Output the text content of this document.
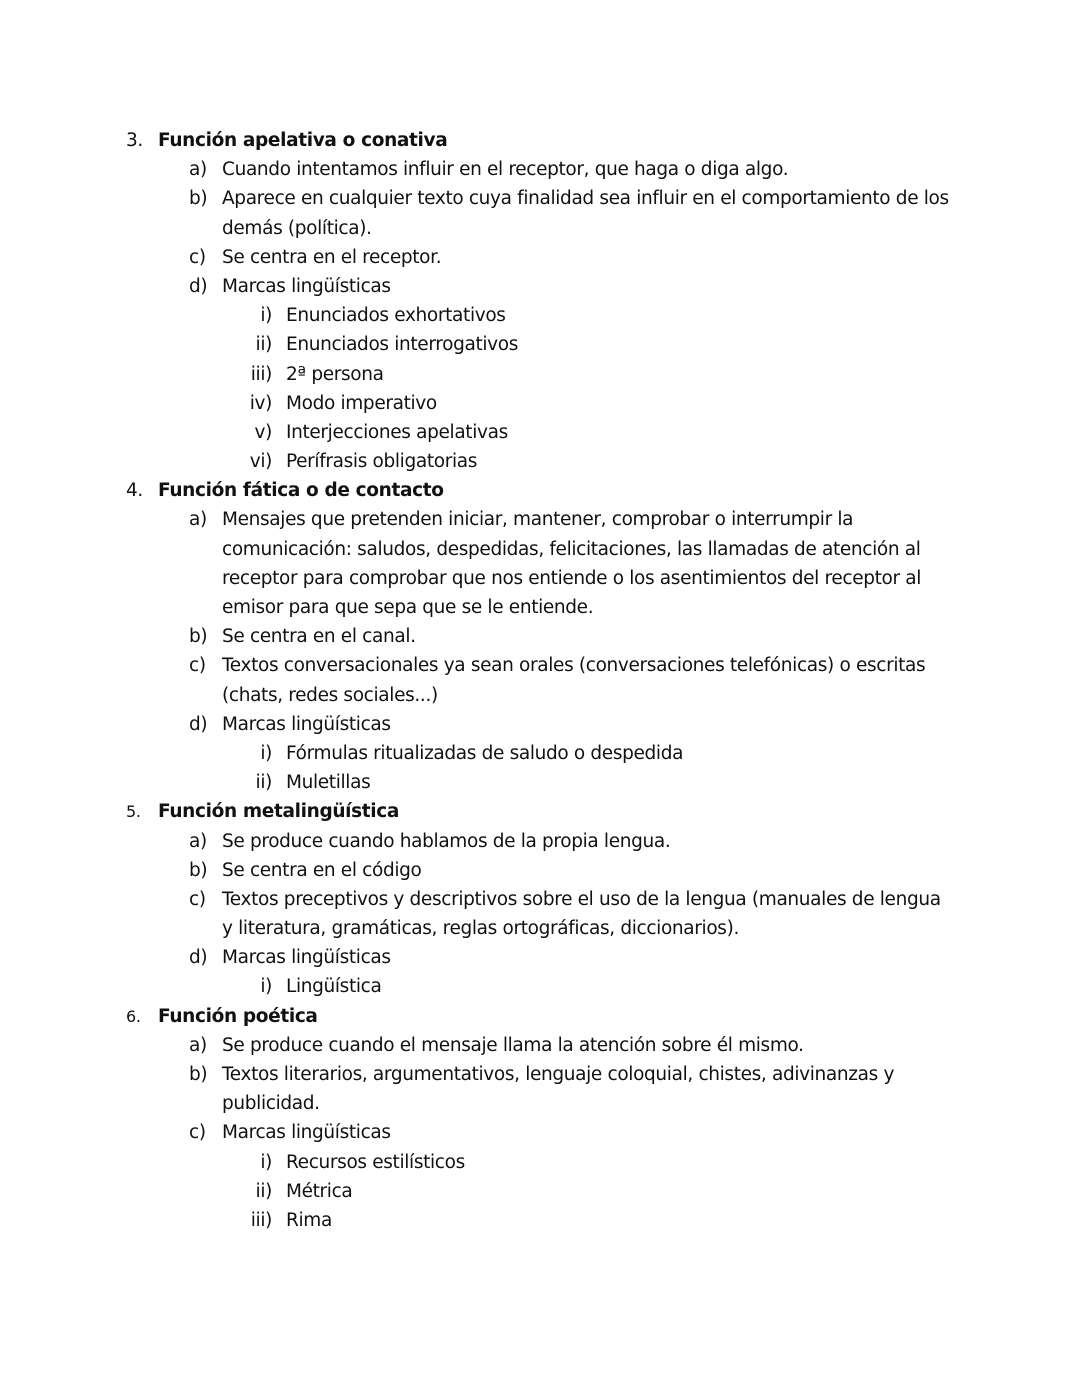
3. Función apelativa o conativa
a) Cuando intentamos influir en el receptor, que haga o diga algo.
b) Aparece en cualquier texto cuya finalidad sea influir en el comportamiento de los
demás (política).
c) Se centra en el receptor.
d) Marcas lingüísticas
i) Enunciados exhortativos
ii) Enunciados interrogativos
iii) 2ª persona
iv) Modo imperativo
v) Interjecciones apelativas
vi) Perífrasis obligatorias
4. Función fática o de contacto
a) Mensajes que pretenden iniciar, mantener, comprobar o interrumpir la
comunicación: saludos, despedidas, felicitaciones, las llamadas de atención al
receptor para comprobar que nos entiende o los asentimientos del receptor al
emisor para que sepa que se le entiende.
b) Se centra en el canal.
c) Textos conversacionales ya sean orales (conversaciones telefónicas) o escritas
(chats, redes sociales...)
d) Marcas lingüísticas
i) Fórmulas ritualizadas de saludo o despedida
ii) Muletillas
5. Función metalingüística
a) Se produce cuando hablamos de la propia lengua.
b) Se centra en el código
c) Textos preceptivos y descriptivos sobre el uso de la lengua (manuales de lengua
y literatura, gramáticas, reglas ortográficas, diccionarios).
d) Marcas lingüísticas
i) Lingüística
6. Función poética
a) Se produce cuando el mensaje llama la atención sobre él mismo.
b) Textos literarios, argumentativos, lenguaje coloquial, chistes, adivinanzas y
publicidad.
c) Marcas lingüísticas
i) Recursos estilísticos
ii) Métrica
iii) Rima
